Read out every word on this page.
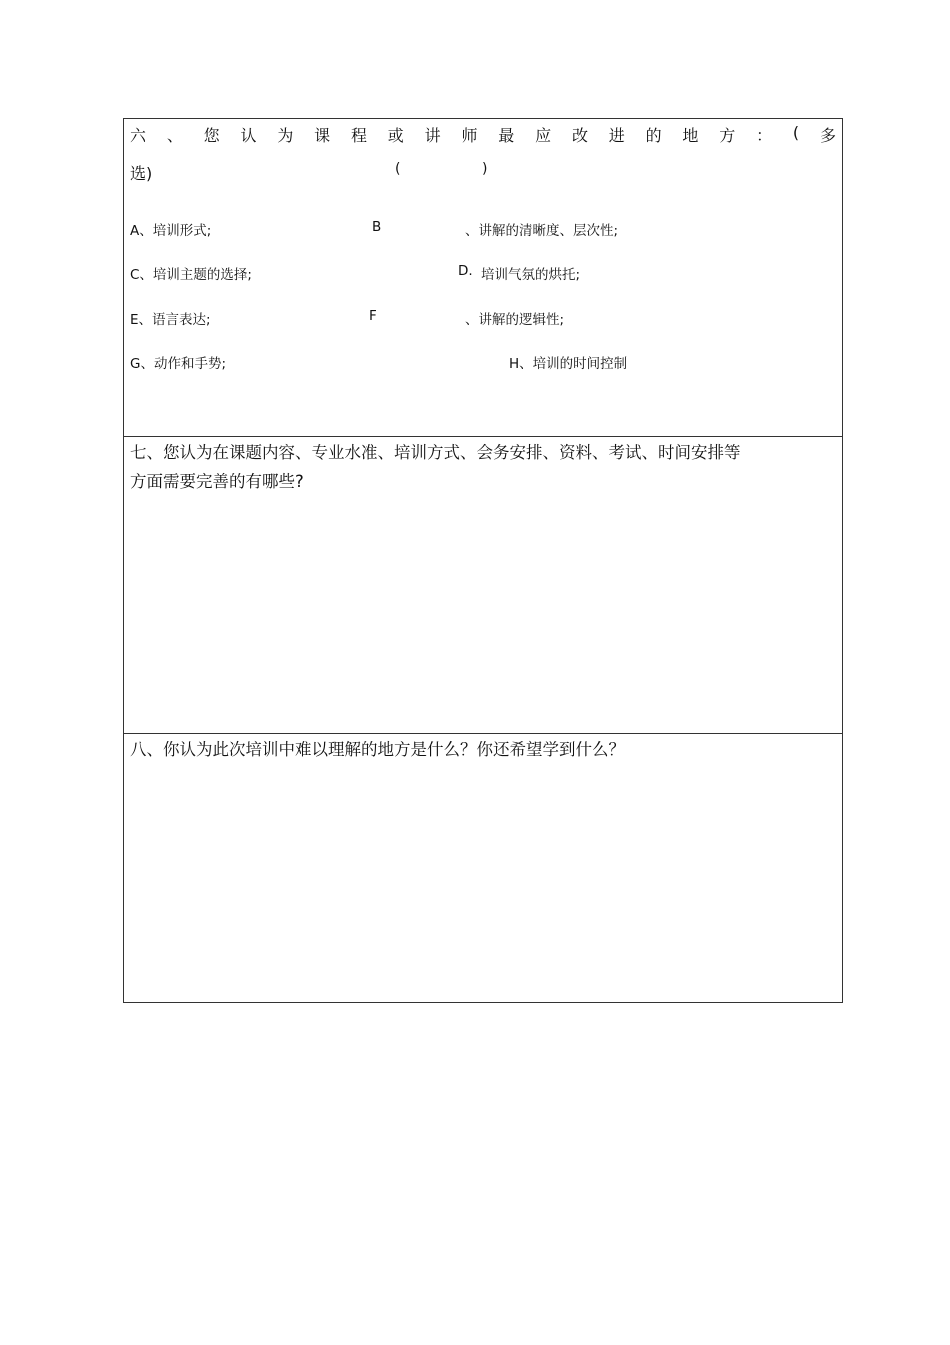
六 、 您 认 为 课 程 或 讲 师 最 应 改 进 的 地 方 ： ( 多
选)	(	)
A、培训形式;	B	、讲解的清晰度、层次性;
C、培训主题的选择;	D. 培训气氛的烘托;
E、语言表达;	F	、讲解的逻辑性;
G、动作和手势;	H、培训的时间控制
七、您认为在课题内容、专业水准、培训方式、会务安排、资料、考试、时间安排等
方面需要完善的有哪些?
八、你认为此次培训中难以理解的地方是什么？你还希望学到什么？
